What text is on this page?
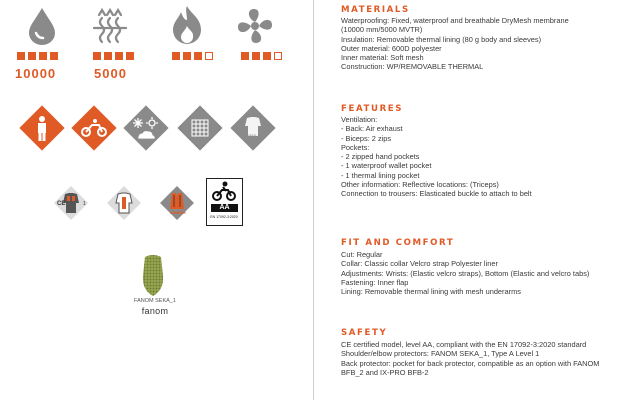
10000	5000
REGULAR
CE	1
AIRBAG
AA
EN 17092-3:2020
FANOM SEKA_1
fanom
MATERIALS
Waterproofing: Fixed, waterproof and breathable DryMesh membrane
(10000 mm/5000 MVTR)
Insulation: Removable thermal lining (80 g body and sleeves)
Outer material: 600D polyester
Inner material: Soft mesh
Construction: WP/REMOVABLE THERMAL
FEATURES
Ventilation:
- Back: Air exhaust
- Biceps: 2 zips
Pockets:
- 2 zipped hand pockets
- 1 waterproof wallet pocket
- 1 thermal lining pocket
Other information: Reflective locations: (Triceps)
Connection to trousers: Elasticated buckle to attach to belt
FIT AND COMFORT
Cut: Regular
Collar: Classic collar Velcro strap Polyester liner
Adjustments: Wrists: (Elastic velcro straps), Bottom (Elastic and velcro tabs)
Fastening: Inner flap
Lining: Removable thermal lining with mesh underarms
SAFETY
CE certified model, level AA, compliant with the EN 17092-3:2020 standard
Shoulder/elbow protectors: FANOM SEKA_1, Type A Level 1
Back protector: pocket for back protector, compatible as an option with FANOM
BFB_2 and IX-PRO BFB-2
